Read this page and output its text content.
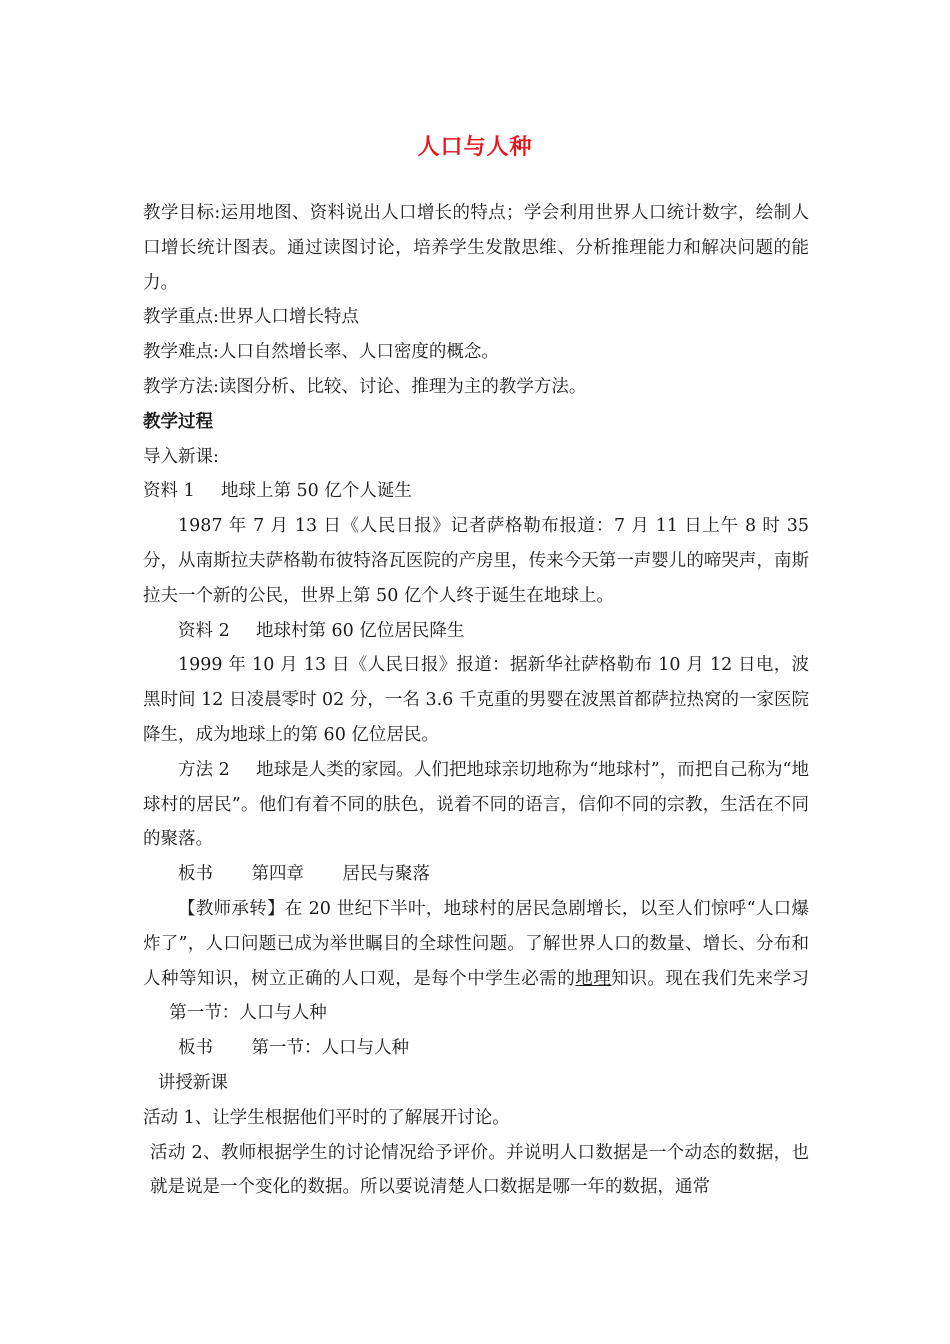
人口与人种

教学目标:运用地图、资料说出人口增长的特点；学会利用世界人口统计数字，绘制人口增长统计图表。通过读图讨论，培养学生发散思维、分析推理能力和解决问题的能力。

教学重点:世界人口增长特点

教学难点:人口自然增长率、人口密度的概念。

教学方法:读图分析、比较、讨论、推理为主的教学方法。

教学过程

导入新课:

资料 1 地球上第 50 亿个人诞生

1987 年 7 月 13 日《人民日报》记者萨格勒布报道：7 月 11 日上午 8 时 35 分，从南斯拉夫萨格勒布彼特洛瓦医院的产房里，传来今天第一声婴儿的啼哭声，南斯拉夫一个新的公民，世界上第 50 亿个人终于诞生在地球上。

资料 2 地球村第 60 亿位居民降生

1999 年 10 月 13 日《人民日报》报道：据新华社萨格勒布 10 月 12 日电，波黑时间 12 日凌晨零时 02 分，一名 3.6 千克重的男婴在波黑首都萨拉热窝的一家医院降生，成为地球上的第 60 亿位居民。

方法 2 地球是人类的家园。人们把地球亲切地称为“地球村”，而把自己称为“地球村的居民”。他们有着不同的肤色，说着不同的语言，信仰不同的宗教，生活在不同的聚落。

板书 第四章 居民与聚落

【教师承转】在 20 世纪下半叶，地球村的居民急剧增长，以至人们惊呼“人口爆炸了”，人口问题已成为举世瞩目的全球性问题。了解世界人口的数量、增长、分布和人种等知识，树立正确的人口观，是每个中学生必需的地理知识。现在我们先来学习第一节：人口与人种

板书 第一节：人口与人种

讲授新课

活动 1、让学生根据他们平时的了解展开讨论。

活动 2、教师根据学生的讨论情况给予评价。并说明人口数据是一个动态的数据，也就是说是一个变化的数据。所以要说清楚人口数据是哪一年的数据，通常
